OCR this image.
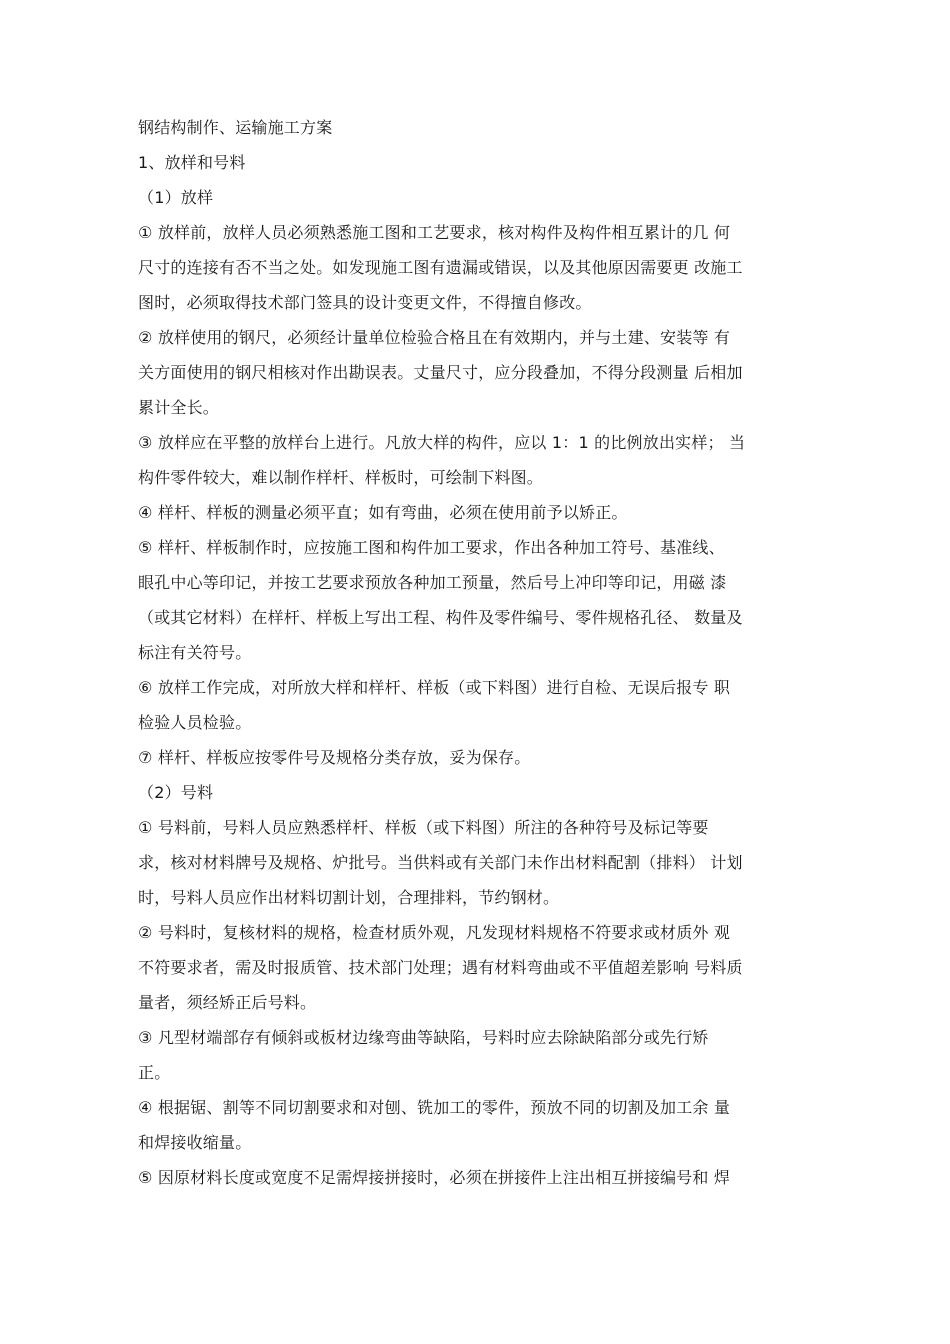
钢结构制作、运输施工方案
1、放样和号料
（1）放样
① 放样前，放样人员必须熟悉施工图和工艺要求，核对构件及构件相互累计的几 何
尺寸的连接有否不当之处。如发现施工图有遗漏或错误，以及其他原因需要更 改施工
图时，必须取得技术部门签具的设计变更文件，不得擅自修改。
② 放样使用的钢尺，必须经计量单位检验合格且在有效期内，并与土建、安装等 有
关方面使用的钢尺相核对作出勘误表。丈量尺寸，应分段叠加，不得分段测量 后相加
累计全长。
③ 放样应在平整的放样台上进行。凡放大样的构件，应以 1：1 的比例放出实样； 当
构件零件较大，难以制作样杆、样板时，可绘制下料图。
④ 样杆、样板的测量必须平直；如有弯曲，必须在使用前予以矫正。
⑤ 样杆、样板制作时，应按施工图和构件加工要求，作出各种加工符号、基准线、
眼孔中心等印记，并按工艺要求预放各种加工预量，然后号上冲印等印记，用磁 漆
（或其它材料）在样杆、样板上写出工程、构件及零件编号、零件规格孔径、 数量及
标注有关符号。
⑥ 放样工作完成，对所放大样和样杆、样板（或下料图）进行自检、无误后报专 职
检验人员检验。
⑦ 样杆、样板应按零件号及规格分类存放，妥为保存。
（2）号料
① 号料前，号料人员应熟悉样杆、样板（或下料图）所注的各种符号及标记等要
求，核对材料牌号及规格、炉批号。当供料或有关部门未作出材料配割（排料） 计划
时，号料人员应作出材料切割计划，合理排料，节约钢材。
② 号料时，复核材料的规格，检查材质外观，凡发现材料规格不符要求或材质外 观
不符要求者，需及时报质管、技术部门处理；遇有材料弯曲或不平值超差影响 号料质
量者，须经矫正后号料。
③ 凡型材端部存有倾斜或板材边缘弯曲等缺陷，号料时应去除缺陷部分或先行矫
正。
④ 根据锯、割等不同切割要求和对刨、铣加工的零件，预放不同的切割及加工余 量
和焊接收缩量。
⑤ 因原材料长度或宽度不足需焊接拼接时，必须在拼接件上注出相互拼接编号和 焊
